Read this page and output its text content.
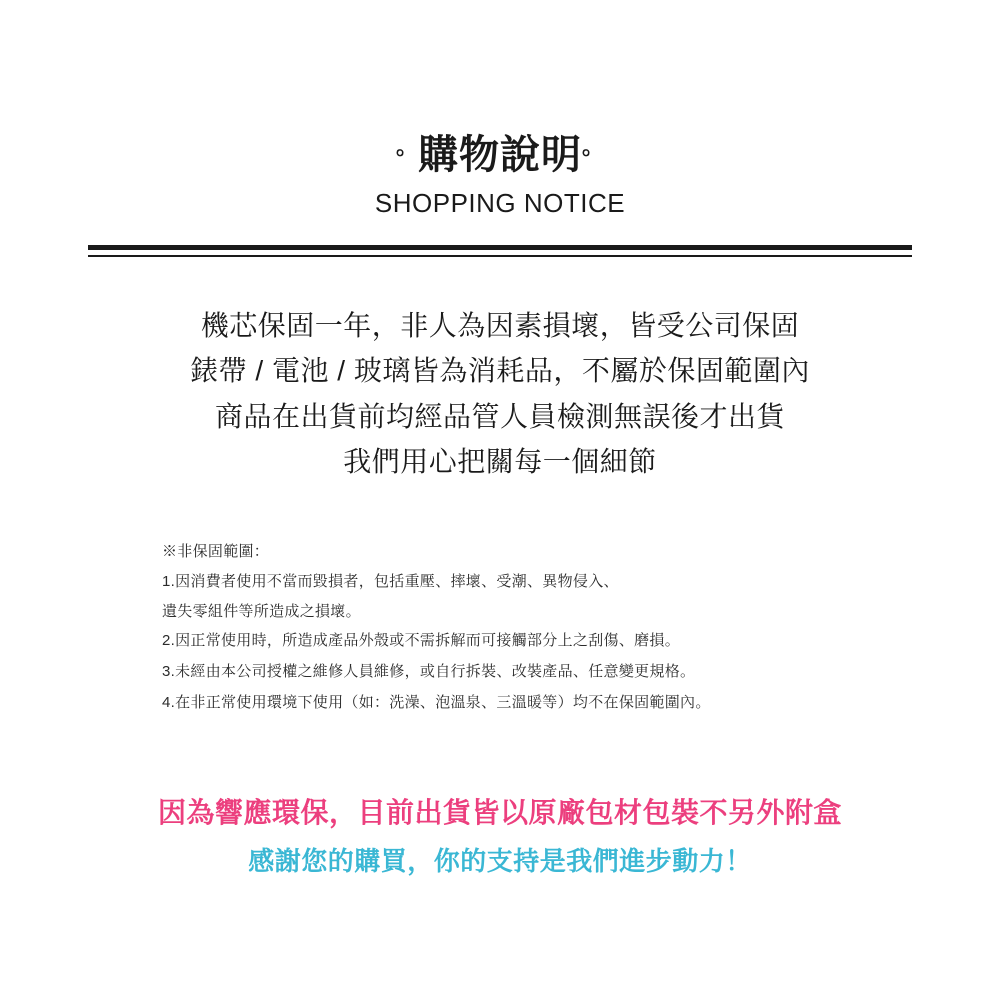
。購物說明。
SHOPPING NOTICE
機芯保固一年，非人為因素損壞，皆受公司保固
錶帶 / 電池 / 玻璃皆為消耗品，不屬於保固範圍內
商品在出貨前均經品管人員檢測無誤後才出貨
我們用心把關每一個細節
※非保固範圍：
1.因消費者使用不當而毀損者，包括重壓、摔壞、受潮、異物侵入、
遺失零組件等所造成之損壞。
2.因正常使用時，所造成產品外殼或不需拆解而可接觸部分上之刮傷、磨損。
3.未經由本公司授權之維修人員維修，或自行拆裝、改裝產品、任意變更規格。
4.在非正常使用環境下使用（如：洗澡、泡溫泉、三溫暖等）均不在保固範圍內。
因為響應環保，目前出貨皆以原廠包材包裝不另外附盒
感謝您的購買，你的支持是我們進步動力！
